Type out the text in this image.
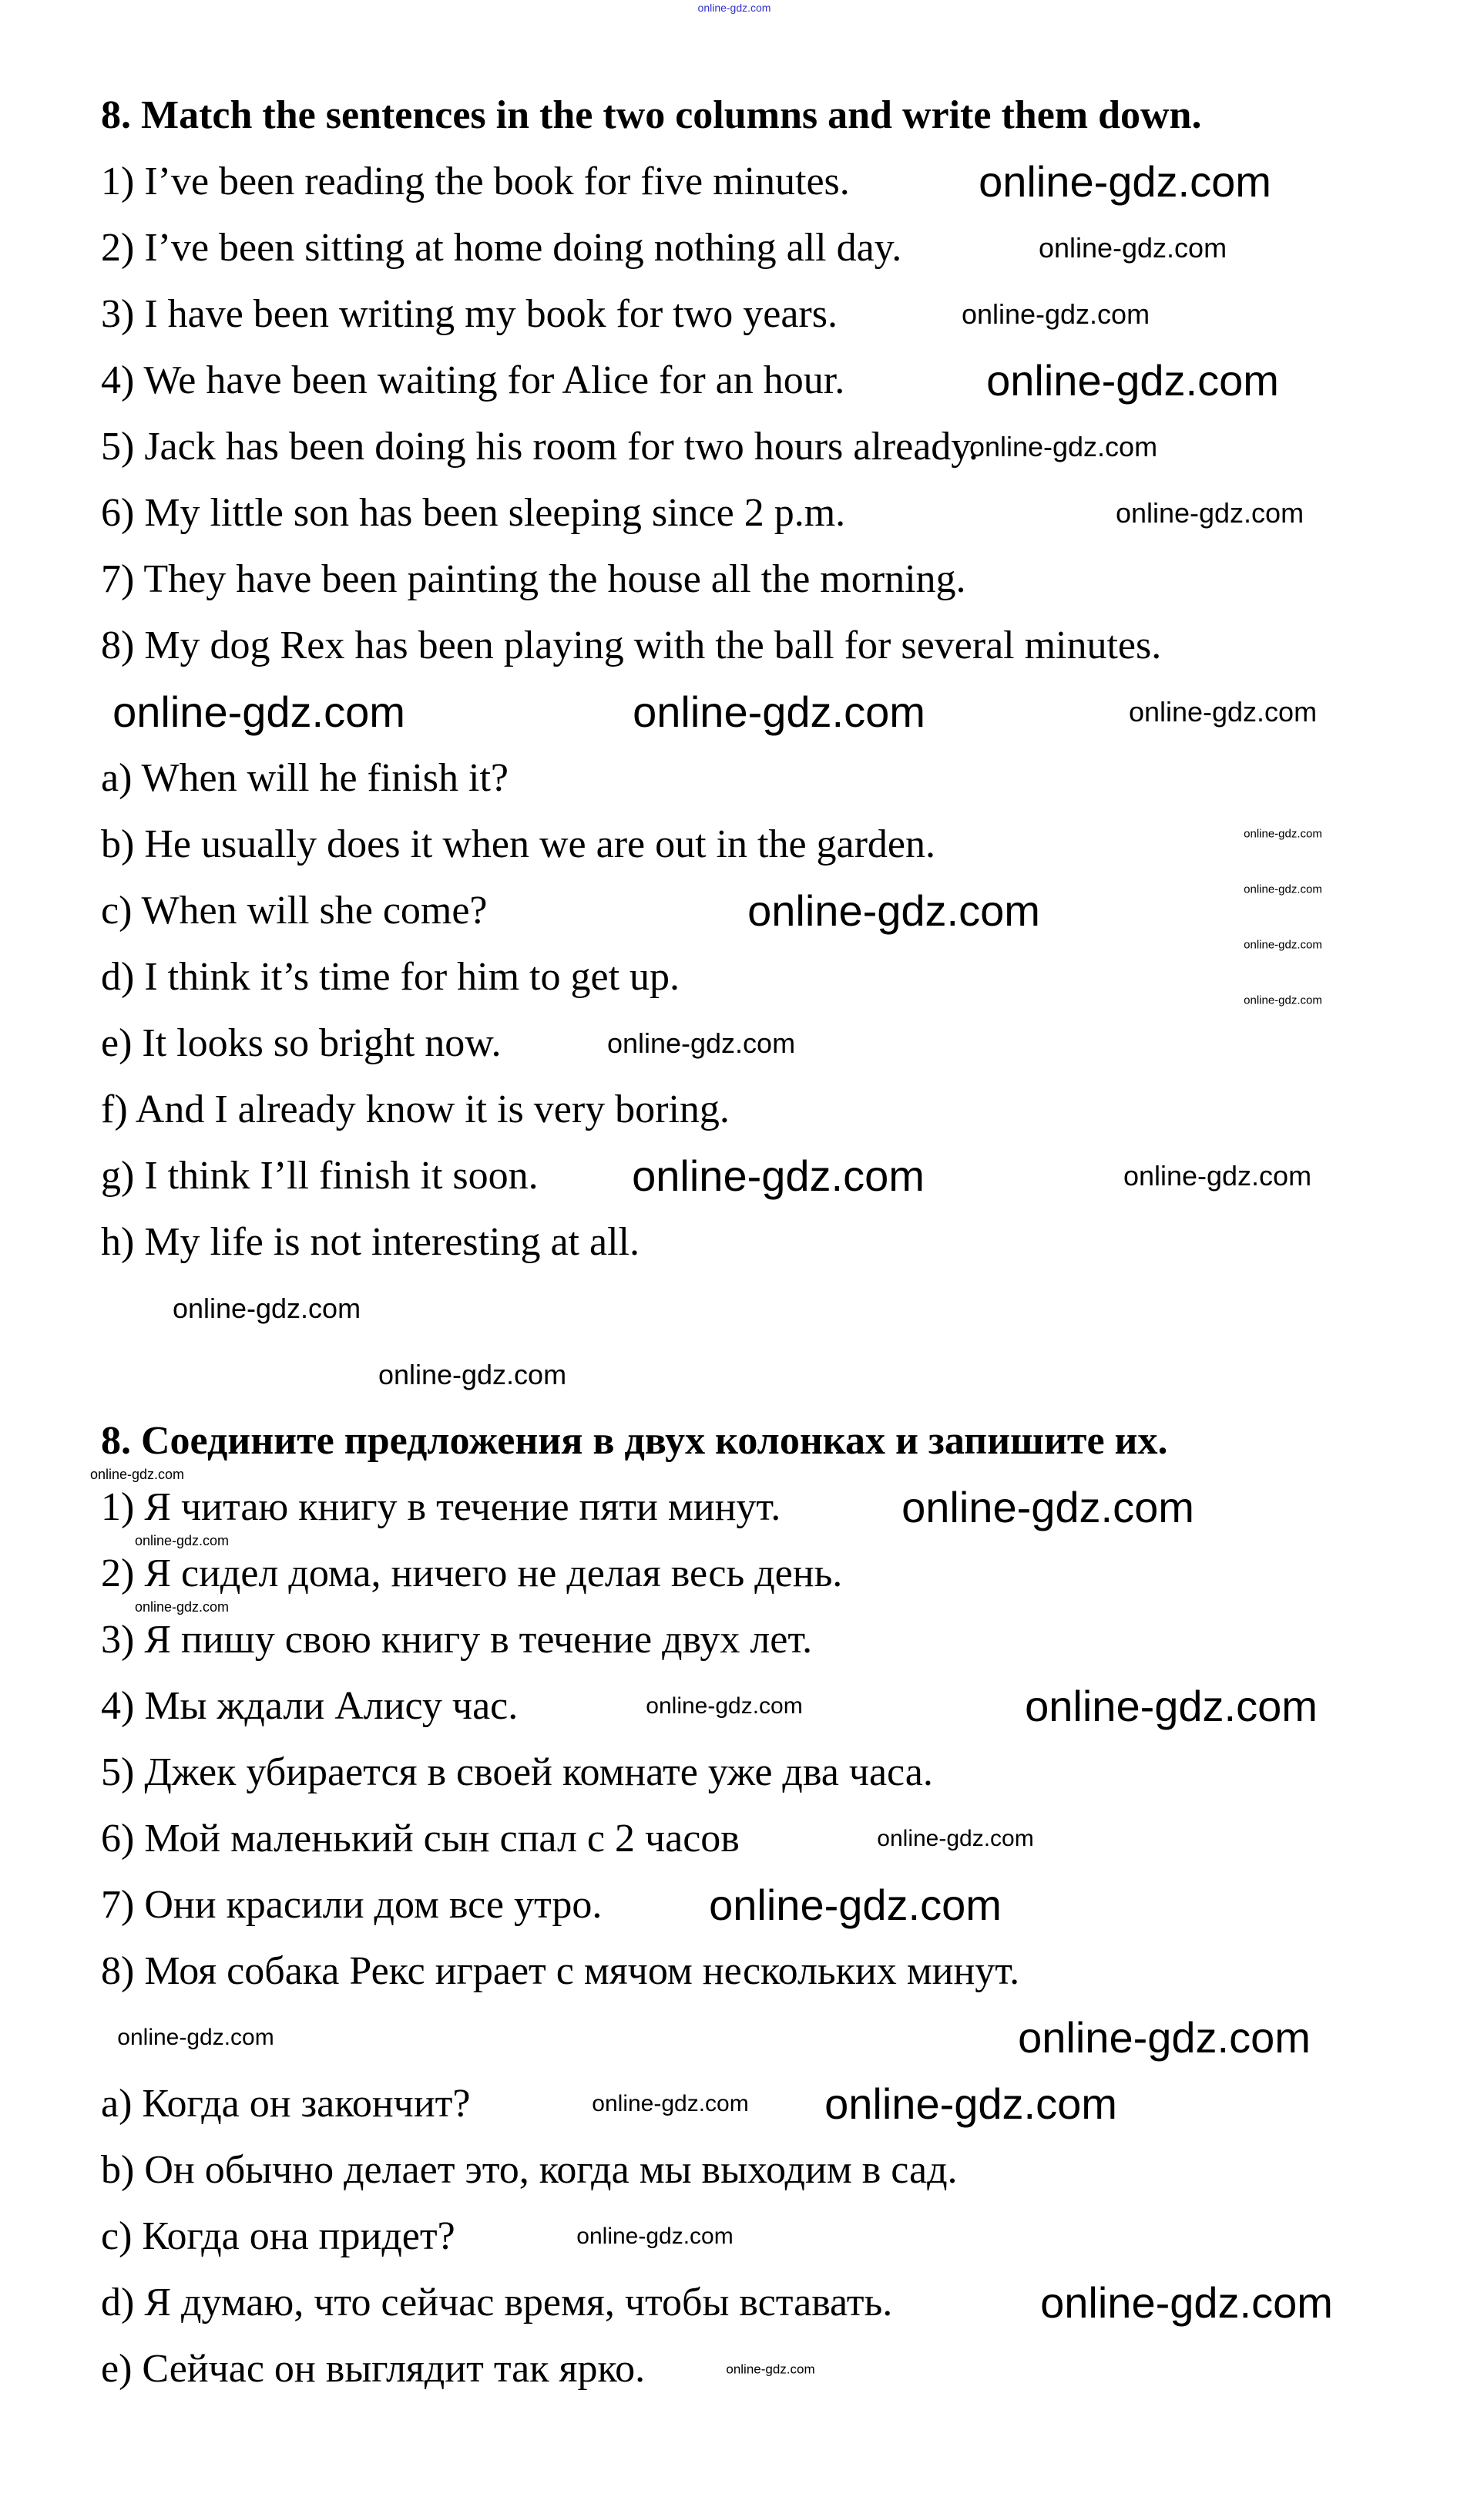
8. Match the sentences in the two columns and write them down.
1) I’ve been reading the book for five minutes.
2) I’ve been sitting at home doing nothing all day.
3) I have been writing my book for two years.
4) We have been waiting for Alice for an hour.
5) Jack has been doing his room for two hours already.
6) My little son has been sleeping since 2 p.m.
7) They have been painting the house all the morning.
8) My dog Rex has been playing with the ball for several minutes.
a) When will he finish it?
b) He usually does it when we are out in the garden.
c) When will she come?
d) I think it’s time for him to get up.
e) It looks so bright now.
f) And I already know it is very boring.
g) I think I’ll finish it soon.
h) My life is not interesting at all.
8. Соедините предложения в двух колонках и запишите их.
1) Я читаю книгу в течение пяти минут.
2) Я сидел дома, ничего не делая весь день.
3) Я пишу свою книгу в течение двух лет.
4) Мы ждали Алису час.
5) Джек убирается в своей комнате уже два часа.
6) Мой маленький сын спал с 2 часов
7) Они красили дом все утро.
8) Моя собака Рекс играет с мячом нескольких минут.
a) Когда он закончит?
b) Он обычно делает это, когда мы выходим в сад.
c) Когда она придет?
d) Я думаю, что сейчас время, чтобы вставать.
e) Сейчас он выглядит так ярко.
online-gdz.com
online-gdz.com
online-gdz.com
online-gdz.com
online-gdz.com
online-gdz.com
online-gdz.com
online-gdz.com	online-gdz.com
online-gdz.com
online-gdz.com
online-gdz.com
online-gdz.com
online-gdz.com
online-gdz.com
online-gdz.com
online-gdz.com	online-gdz.com
online-gdz.com
online-gdz.com
online-gdz.com
online-gdz.com
online-gdz.com
online-gdz.com
online-gdz.com	online-gdz.com
online-gdz.com
online-gdz.com
online-gdz.com	online-gdz.com
online-gdz.com online-gdz.com
online-gdz.com
online-gdz.com
online-gdz.com
